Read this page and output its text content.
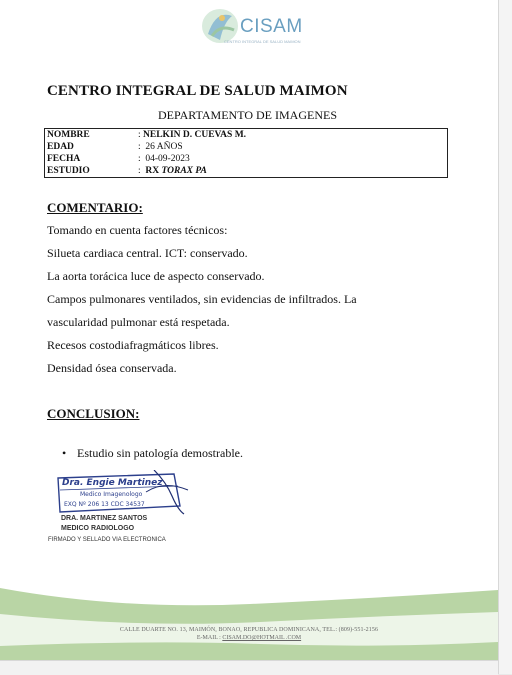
CISAM
CENTRO INTEGRAL DE SALUD MAIMON
CENTRO INTEGRAL DE SALUD MAIMON
DEPARTAMENTO DE IMAGENES
NOMBRE	: NELKIN D. CUEVAS M.
EDAD	: 26 AÑOS
FECHA	: 04-09-2023
ESTUDIO	: RX TORAX PA
COMENTARIO:
Tomando en cuenta factores técnicos:
Silueta cardiaca central. ICT: conservado.
La aorta torácica luce de aspecto conservado.
Campos pulmonares ventilados, sin evidencias de infiltrados. La
vascularidad pulmonar está respetada.
Recesos costodiafragmáticos libres.
Densidad ósea conservada.
CONCLUSION:
• Estudio sin patología demostrable.
Dra. Engie Martinez
Medico Imagenologo
EXQ Nº 206 13 CDC 34537
DRA. MARTINEZ SANTOS
MEDICO RADIOLOGO
FIRMADO Y SELLADO VIA ELECTRONICA
CALLE DUARTE NO. 13, MAIMÓN, BONAO, REPUBLICA DOMINICANA, TEL.: (809)-551-2156
E-MAIL : CISAM.DO@HOTMAIL .COM
